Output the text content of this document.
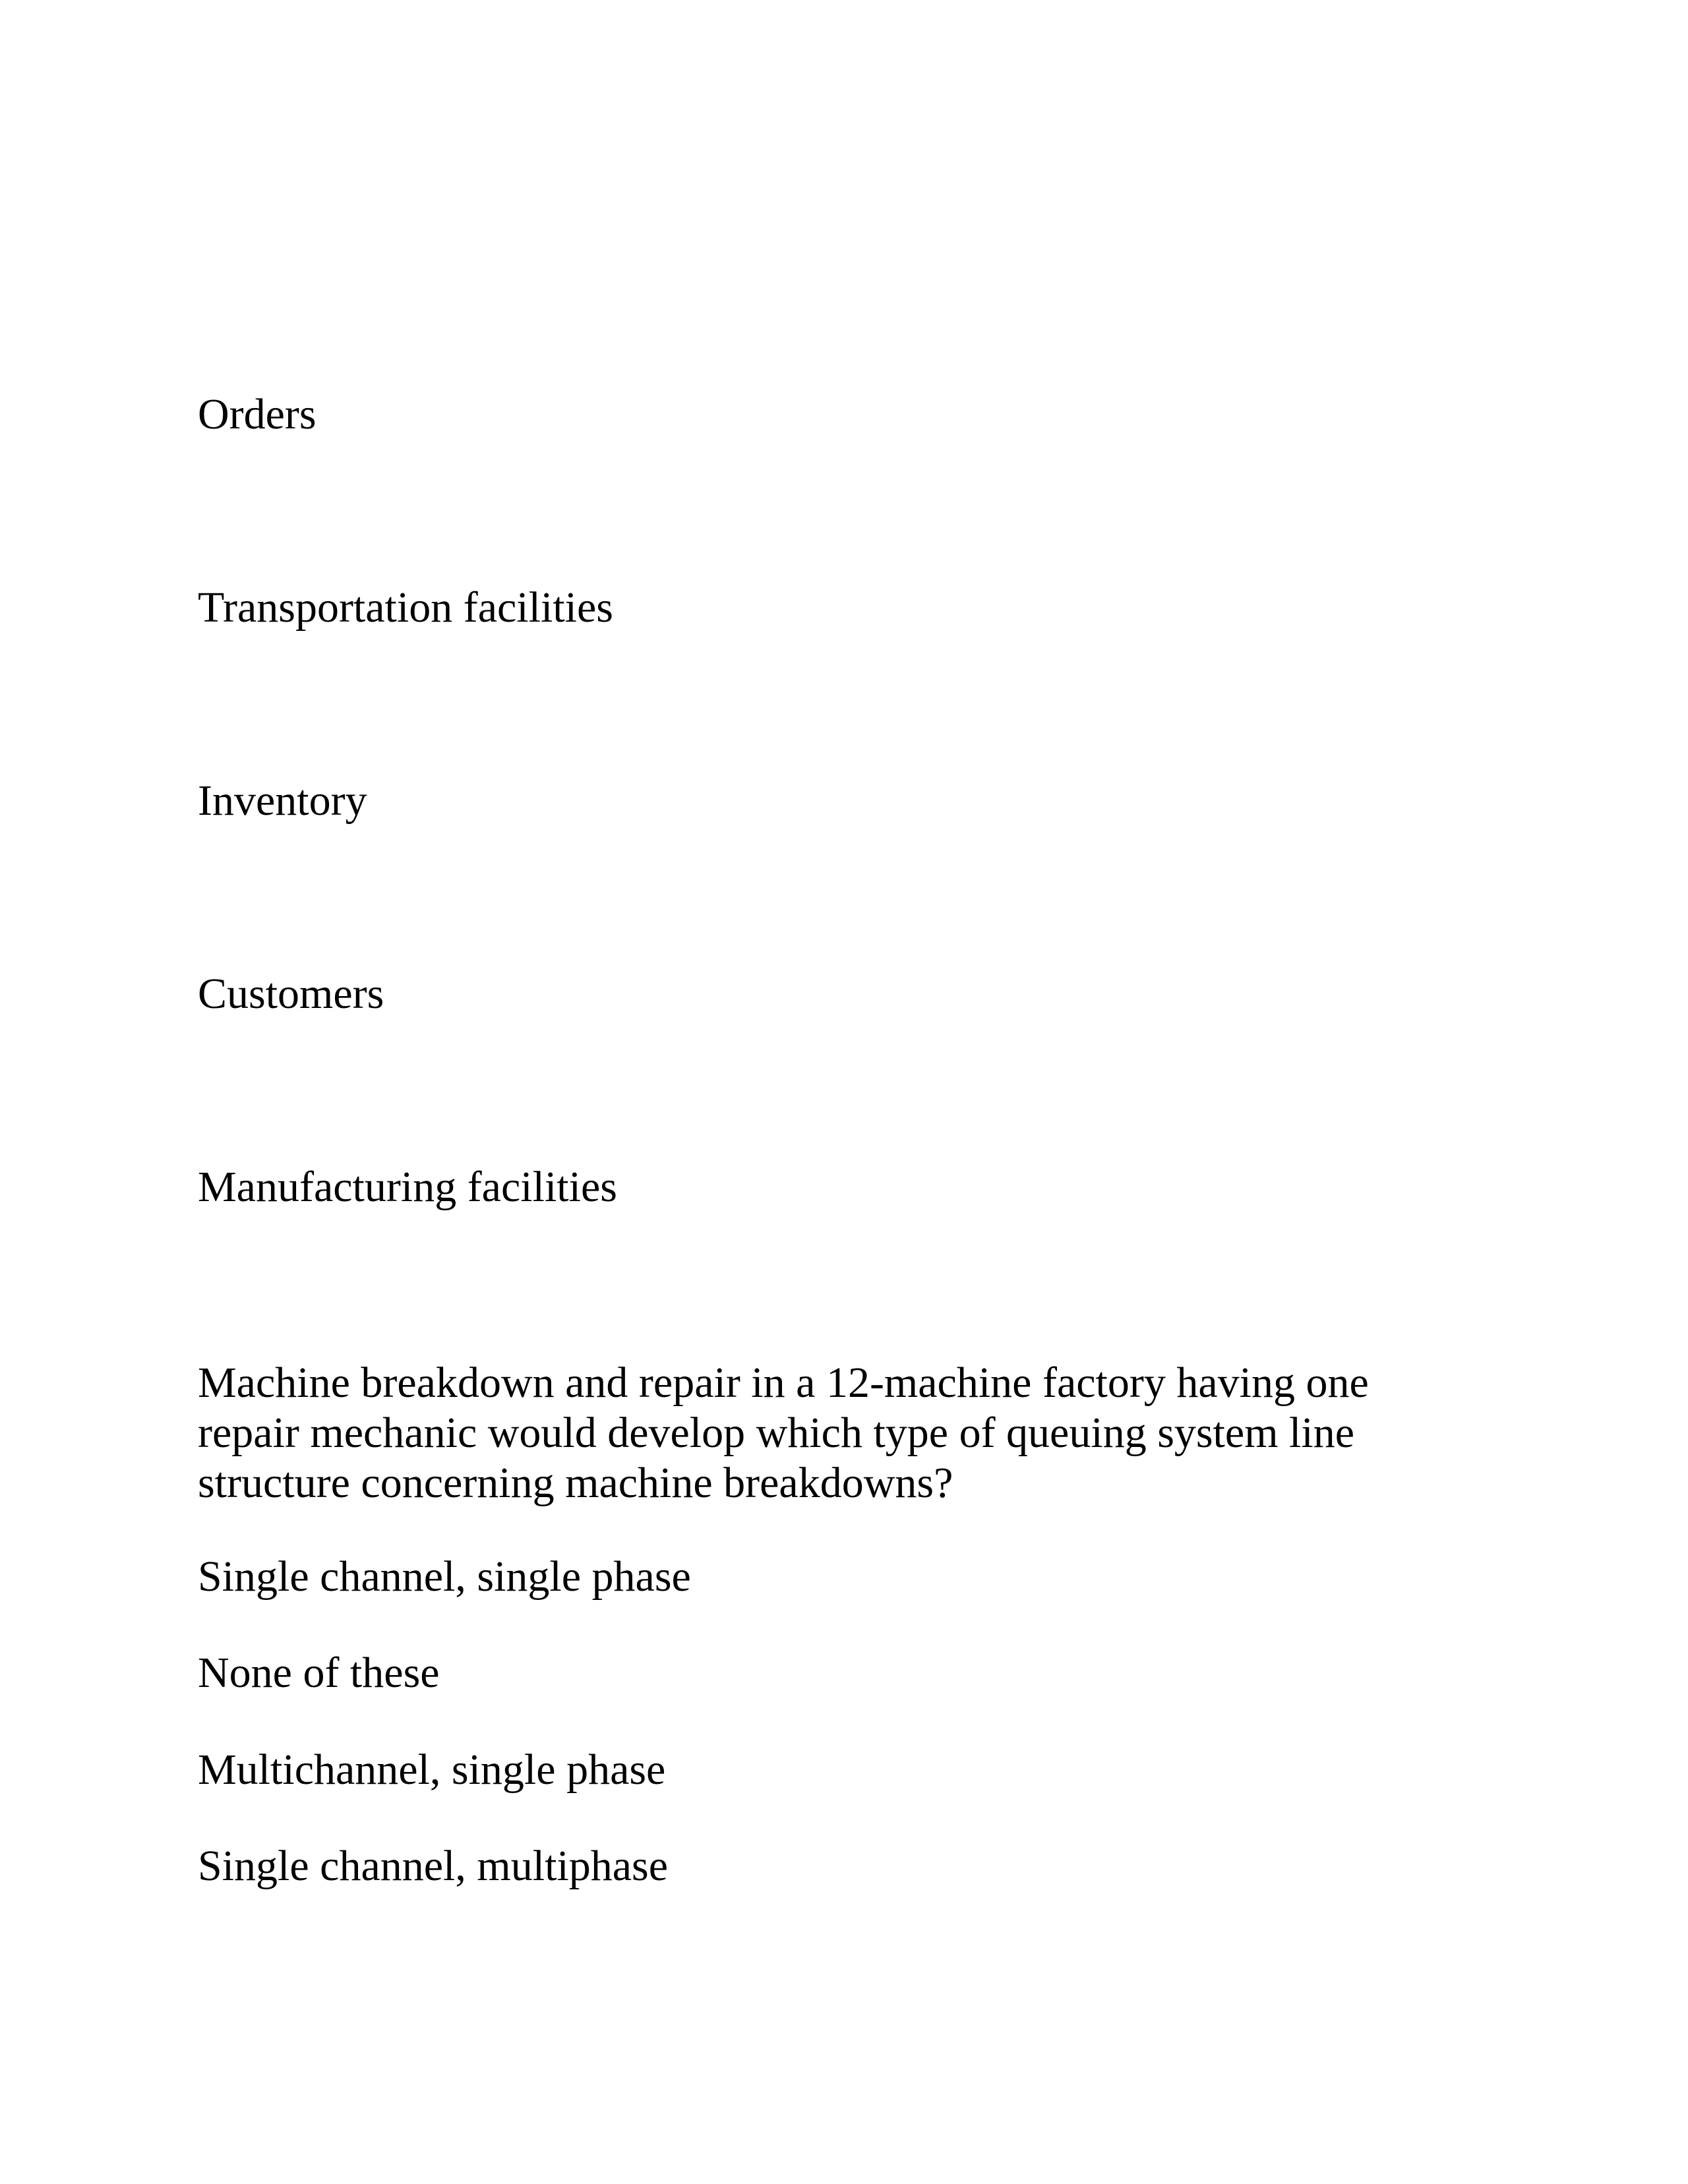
Orders

Transportation facilities

Inventory

Customers

Manufacturing facilities

Machine breakdown and repair in a 12-machine factory having one
repair mechanic would develop which type of queuing system line
structure concerning machine breakdowns?

Single channel, single phase

None of these

Multichannel, single phase

Single channel, multiphase
